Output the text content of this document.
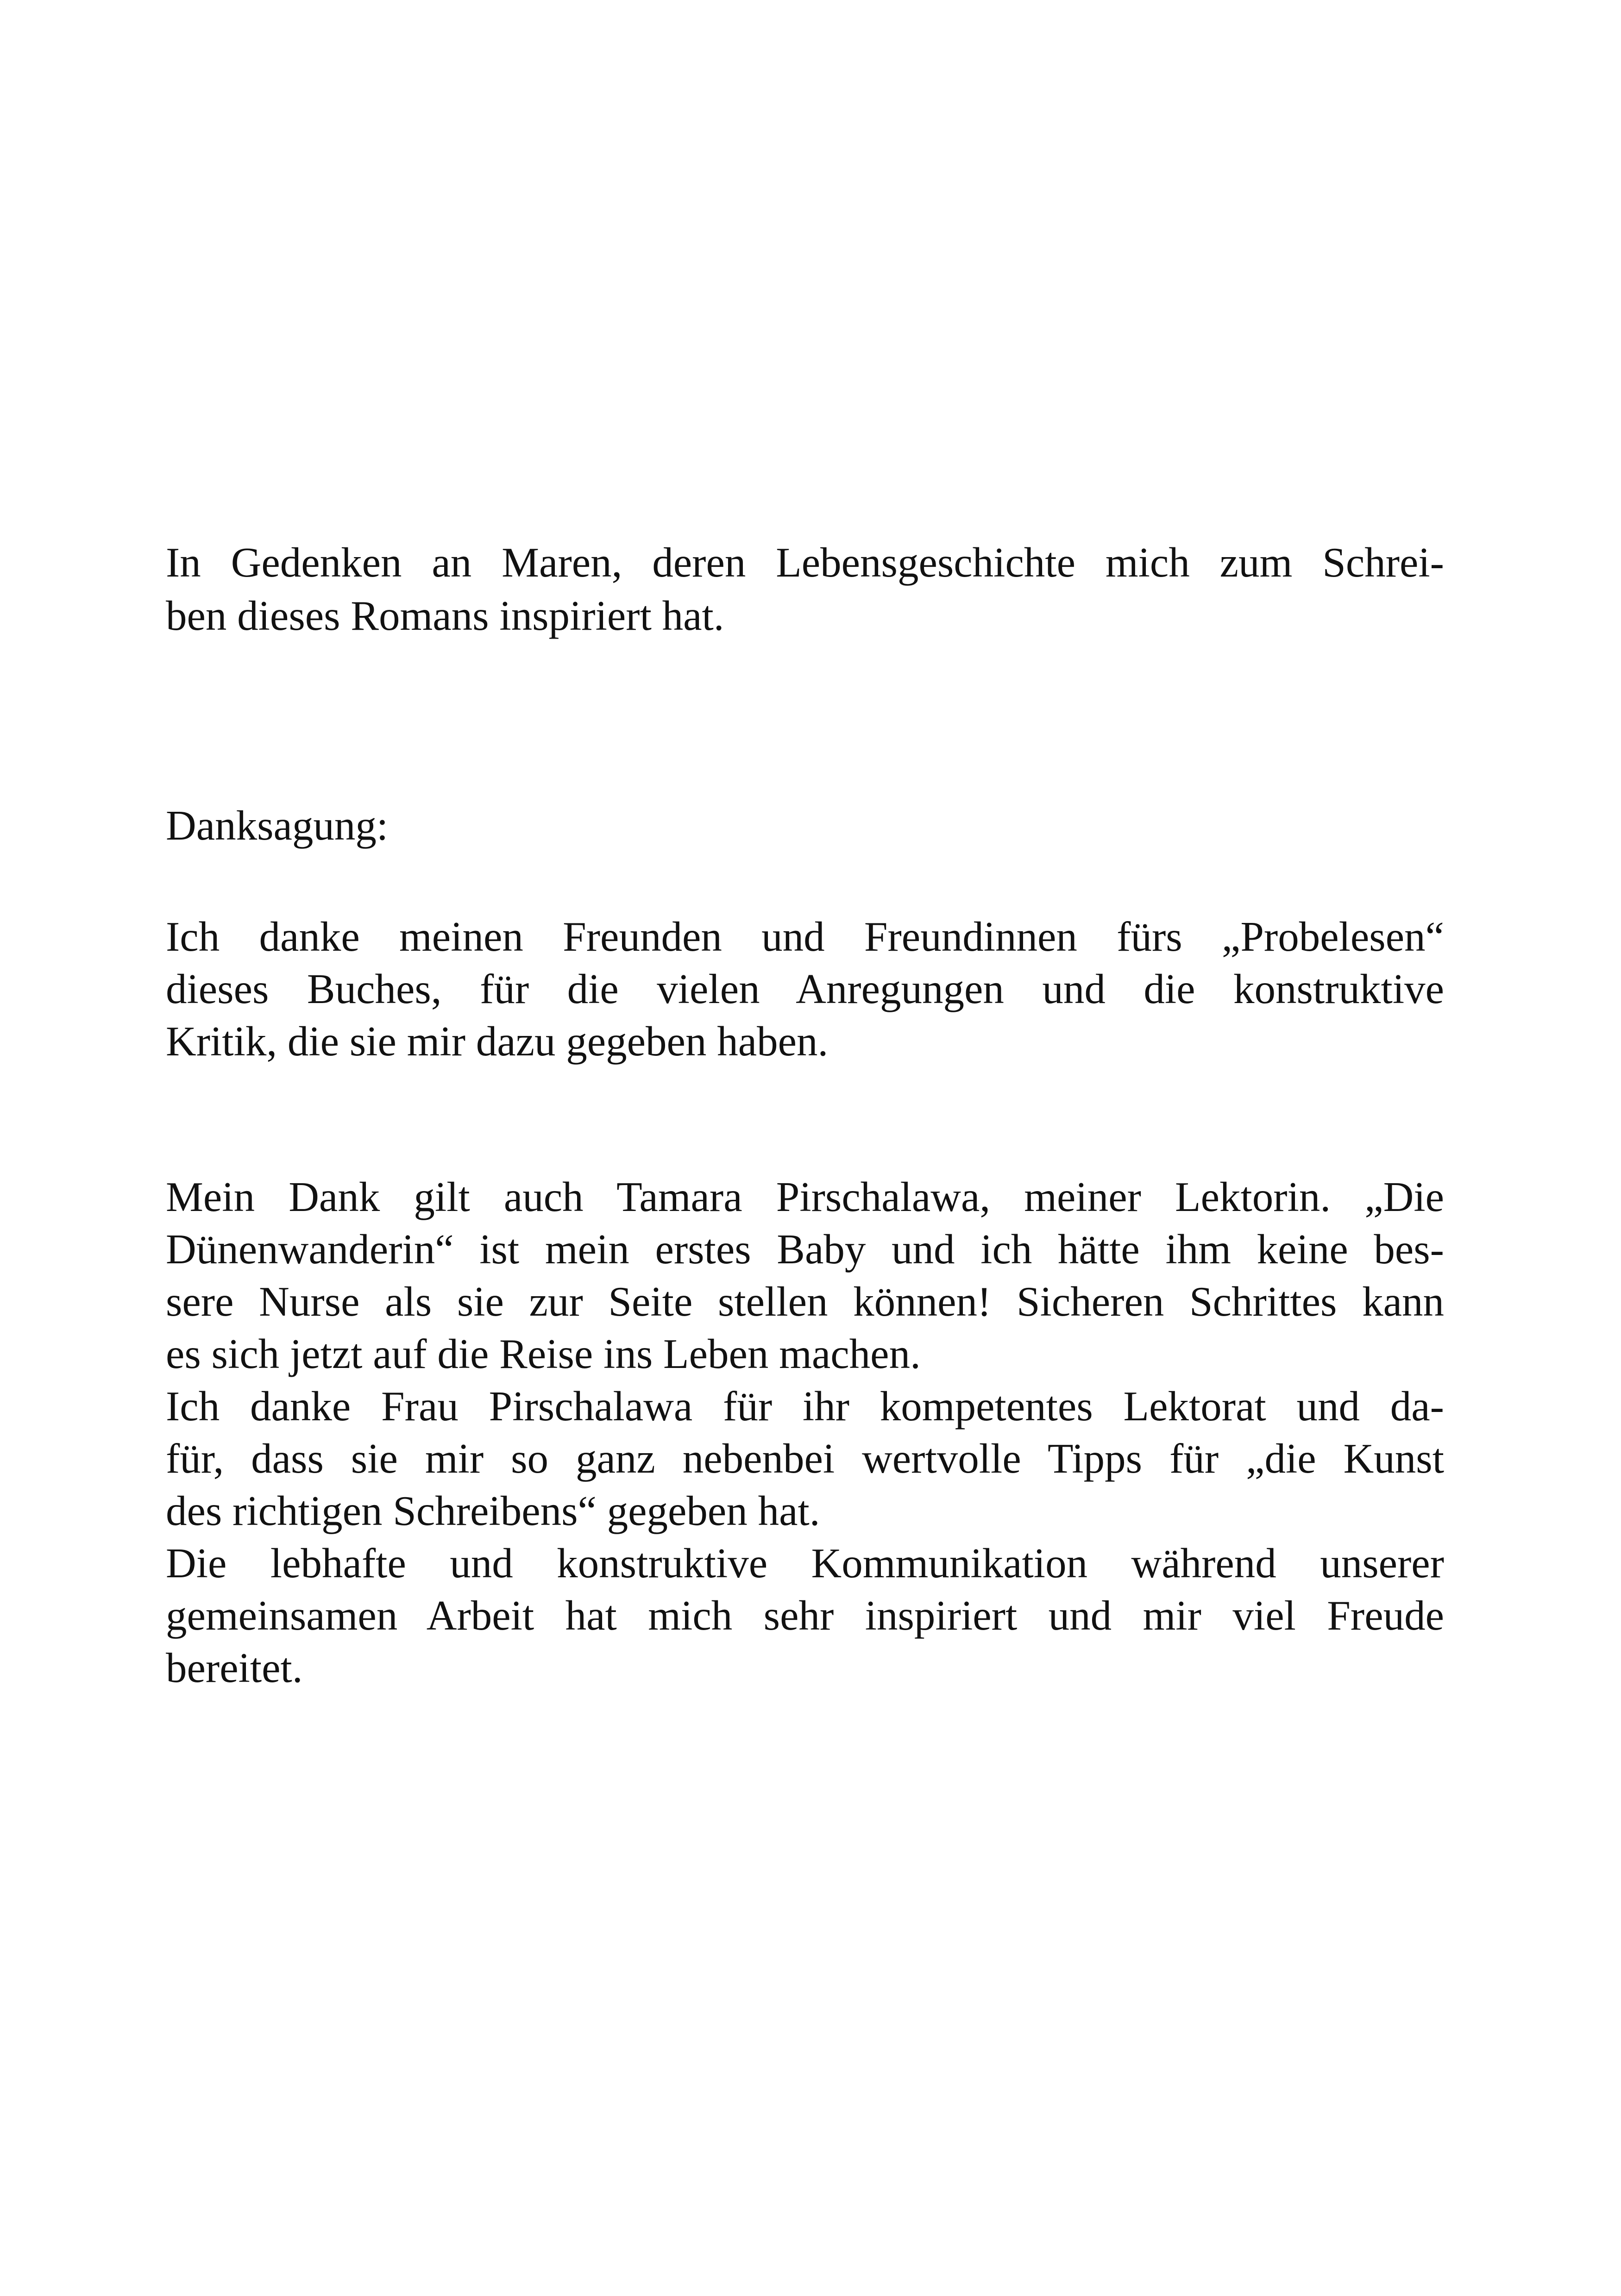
In Gedenken an Maren, deren Lebensgeschichte mich zum Schrei-

ben dieses Romans inspiriert hat.

Danksagung:

Ich danke meinen Freunden und Freundinnen fürs „Probelesen“

dieses Buches, für die vielen Anregungen und die konstruktive

Kritik, die sie mir dazu gegeben haben.

Mein Dank gilt auch Tamara Pirschalawa, meiner Lektorin. „Die

Dünenwanderin“ ist mein erstes Baby und ich hätte ihm keine bes-

sere Nurse als sie zur Seite stellen können! Sicheren Schrittes kann

es sich jetzt auf die Reise ins Leben machen.

Ich danke Frau Pirschalawa für ihr kompetentes Lektorat und da-

für, dass sie mir so ganz nebenbei wertvolle Tipps für „die Kunst

des richtigen Schreibens“ gegeben hat.

Die lebhafte und konstruktive Kommunikation während unserer

gemeinsamen Arbeit hat mich sehr inspiriert und mir viel Freude

bereitet.
